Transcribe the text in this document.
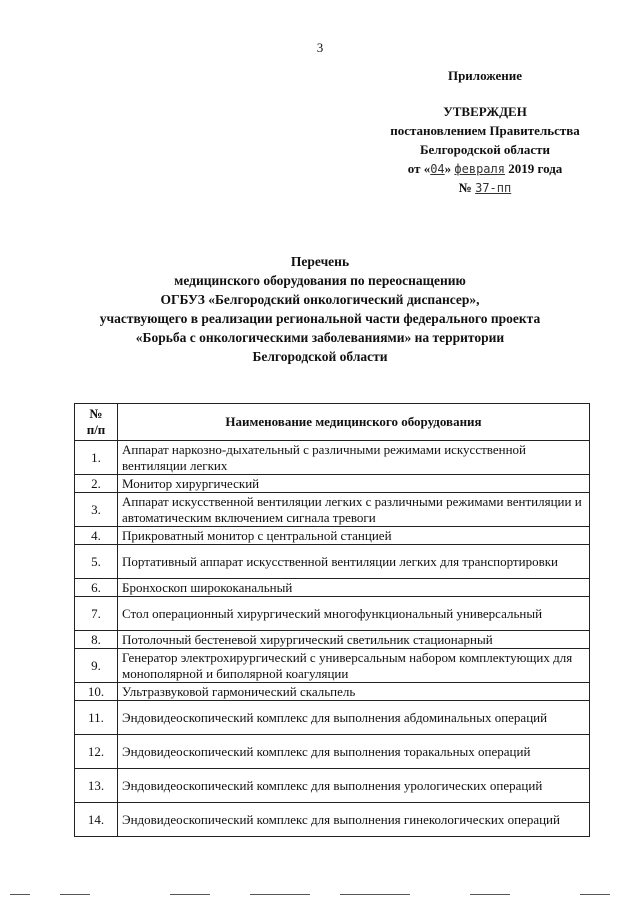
3
Приложение
УТВЕРЖДЕН
постановлением Правительства
Белгородской области
от «04» февраля 2019 года
№ 37-пп
Перечень
медицинского оборудования по переоснащению
ОГБУЗ «Белгородский онкологический диспансер»,
участвующего в реализации региональной части федерального проекта
«Борьба с онкологическими заболеваниями» на территории
Белгородской области
№
п/п	Наименование медицинского оборудования
1.	Аппарат наркозно-дыхательный с различными режимами искусственной вентиляции легких
2.	Монитор хирургический
3.	Аппарат искусственной вентиляции легких с различными режимами вентиляции и автоматическим включением сигнала тревоги
4.	Прикроватный монитор с центральной станцией
5.	Портативный аппарат искусственной вентиляции легких для транспортировки
6.	Бронхоскоп ширококанальный
7.	Стол операционный хирургический многофункциональный универсальный
8.	Потолочный бестеневой хирургический светильник стационарный
9.	Генератор электрохирургический с универсальным набором комплектующих для монополярной и биполярной коагуляции
10.	Ультразвуковой гармонический скальпель
11.	Эндовидеоскопический комплекс для выполнения абдоминальных операций
12.	Эндовидеоскопический комплекс для выполнения торакальных операций
13.	Эндовидеоскопический комплекс для выполнения урологических операций
14.	Эндовидеоскопический комплекс для выполнения гинекологических операций
